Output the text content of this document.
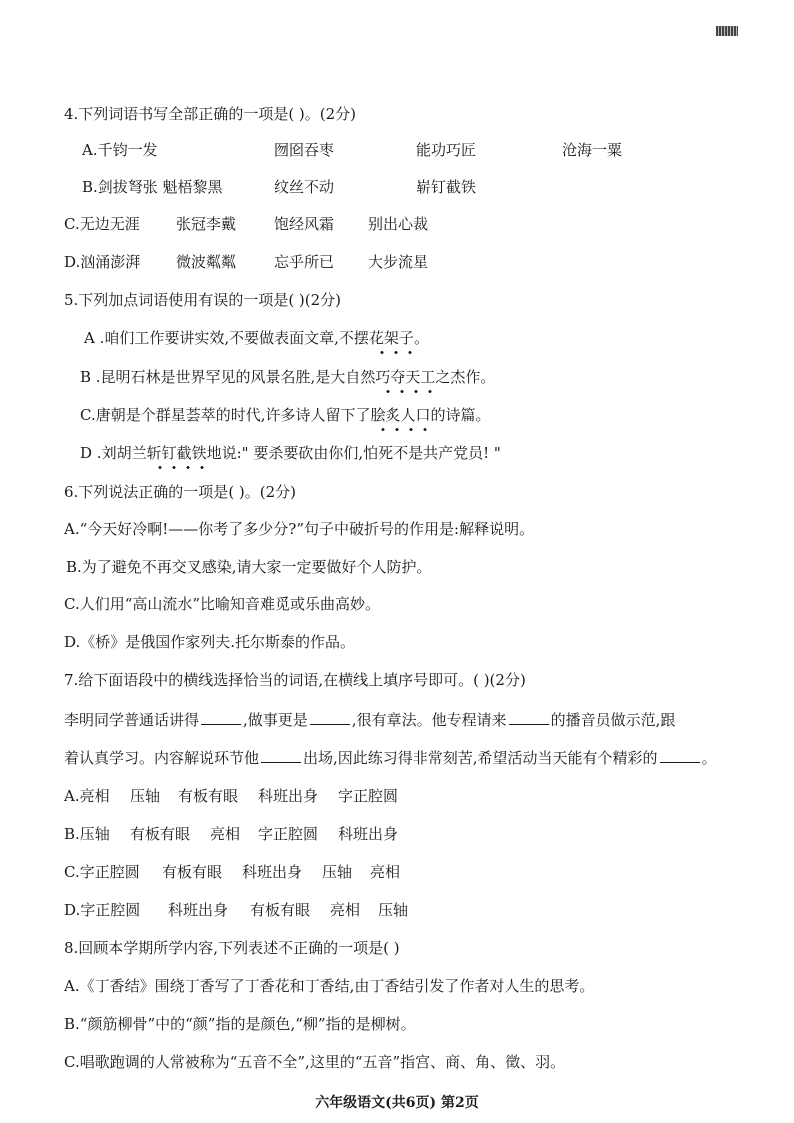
4.下列词语书写全部正确的一项是( )。(2分)
A.千钧一发	囫囵吞枣	能功巧匠	沧海一粟
B.剑拔弩张 魁梧黎黑	纹丝不动	崭钉截铁
C.无边无涯 张冠李戴	饱经风霜 别出心裁
D.汹涌澎湃 微波粼粼	忘乎所已 大步流星
5.下列加点词语使用有误的一项是( )(2分)
A .咱们工作要讲实效,不要做表面文章,不摆花架子。
B .昆明石林是世界罕见的风景名胜,是大自然巧夺天工之杰作。
C.唐朝是个群星荟萃的时代,许多诗人留下了脍炙人口的诗篇。
D .刘胡兰斩钉截铁地说:" 要杀要砍由你们,怕死不是共产党员! "
6.下列说法正确的一项是( )。(2分)
A.“今天好冷啊!——你考了多少分?”句子中破折号的作用是:解释说明。
B.为了避免不再交叉感染,请大家一定要做好个人防护。
C.人们用“高山流水”比喻知音难觅或乐曲高妙。
D.《桥》是俄国作家列夫.托尔斯泰的作品。
7.给下面语段中的横线选择恰当的词语,在横线上填序号即可。( )(2分)
李明同学普通话讲得	,做事更是	,很有章法。他专程请来	的播音员做示范,跟
着认真学习。内容解说环节他	出场,因此练习得非常刻苦,希望活动当天能有个精彩的	。
A.亮相 压轴 有板有眼 科班出身 字正腔圆
B.压轴 有板有眼 亮相 字正腔圆 科班出身
C.字正腔圆 有板有眼 科班出身 压轴 亮相
D.字正腔圆 科班出身 有板有眼 亮相 压轴
8.回顾本学期所学内容,下列表述不正确的一项是( )
A.《丁香结》围绕丁香写了丁香花和丁香结,由丁香结引发了作者对人生的思考。
B.“颜筋柳骨”中的“颜”指的是颜色,“柳”指的是柳树。
C.唱歌跑调的人常被称为“五音不全”,这里的“五音”指宫、商、角、徵、羽。
六年级语文(共6页) 第2页
